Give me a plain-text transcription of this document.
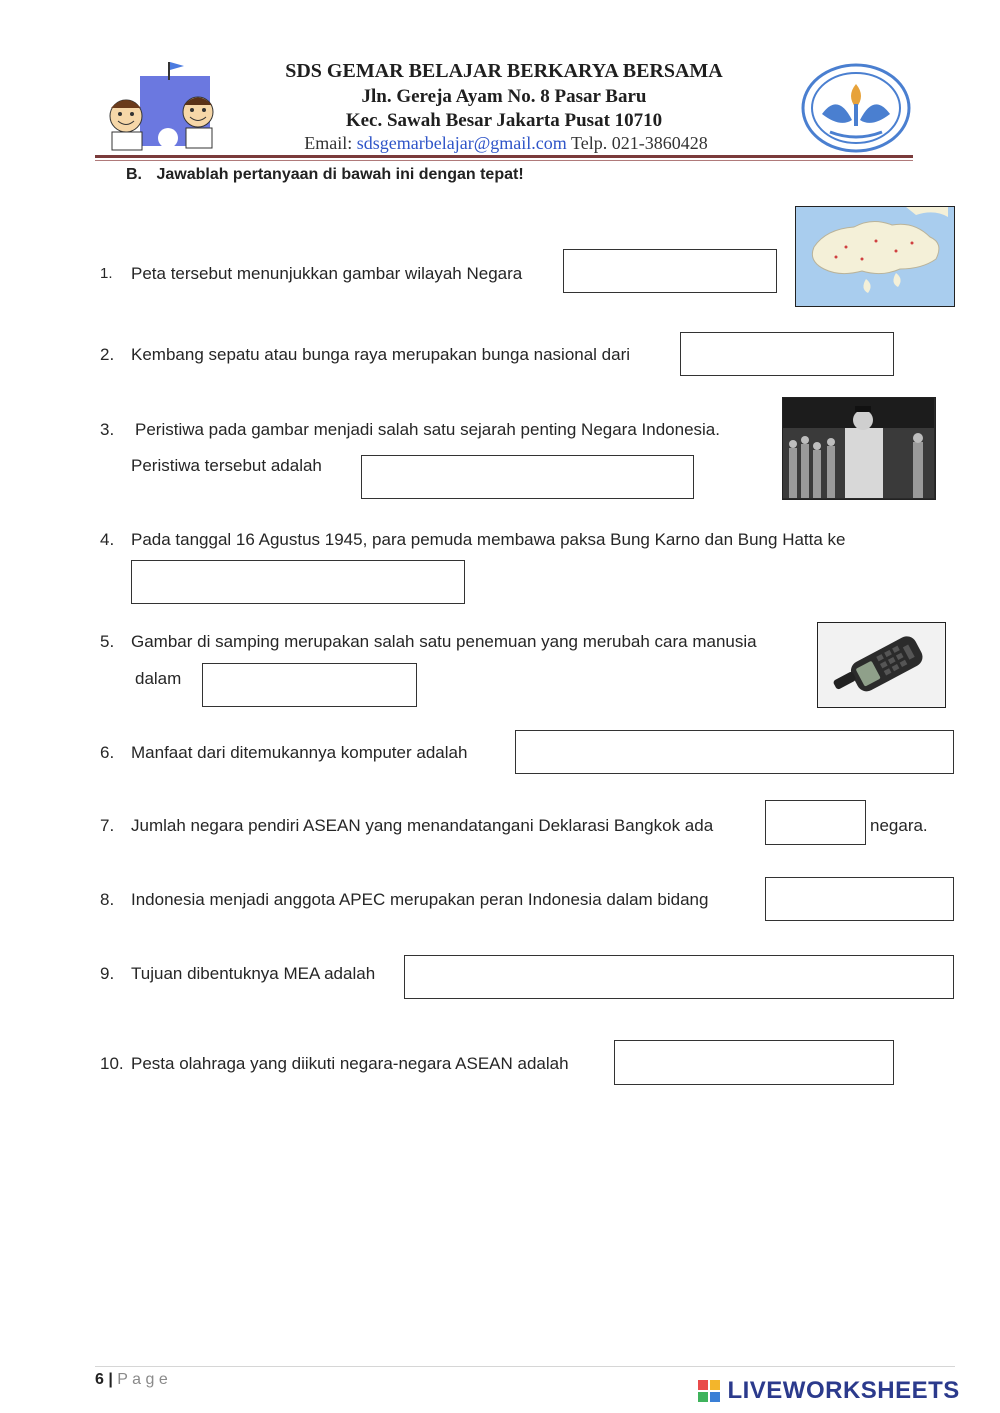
SDS GEMAR BELAJAR BERKARYA BERSAMA
Jln. Gereja Ayam No. 8 Pasar Baru
Kec. Sawah Besar Jakarta Pusat 10710
Email: sdsgemarbelajar@gmail.com Telp. 021-3860428
B. Jawablah pertanyaan di bawah ini dengan tepat!
1. Peta tersebut menunjukkan gambar wilayah Negara
2. Kembang sepatu atau bunga raya merupakan bunga nasional dari
3. Peristiwa pada gambar menjadi salah satu sejarah penting Negara Indonesia.
Peristiwa tersebut adalah
4. Pada tanggal 16 Agustus 1945, para pemuda membawa paksa Bung Karno dan Bung Hatta ke
5. Gambar di samping merupakan salah satu penemuan yang merubah cara manusia
dalam
6. Manfaat dari ditemukannya komputer adalah
7. Jumlah negara pendiri ASEAN yang menandatangani Deklarasi Bangkok ada	negara.
8. Indonesia menjadi anggota APEC merupakan peran Indonesia dalam bidang
9. Tujuan dibentuknya MEA adalah
10. Pesta olahraga yang diikuti negara-negara ASEAN adalah
6 | P a g e	LIVEWORKSHEETS
